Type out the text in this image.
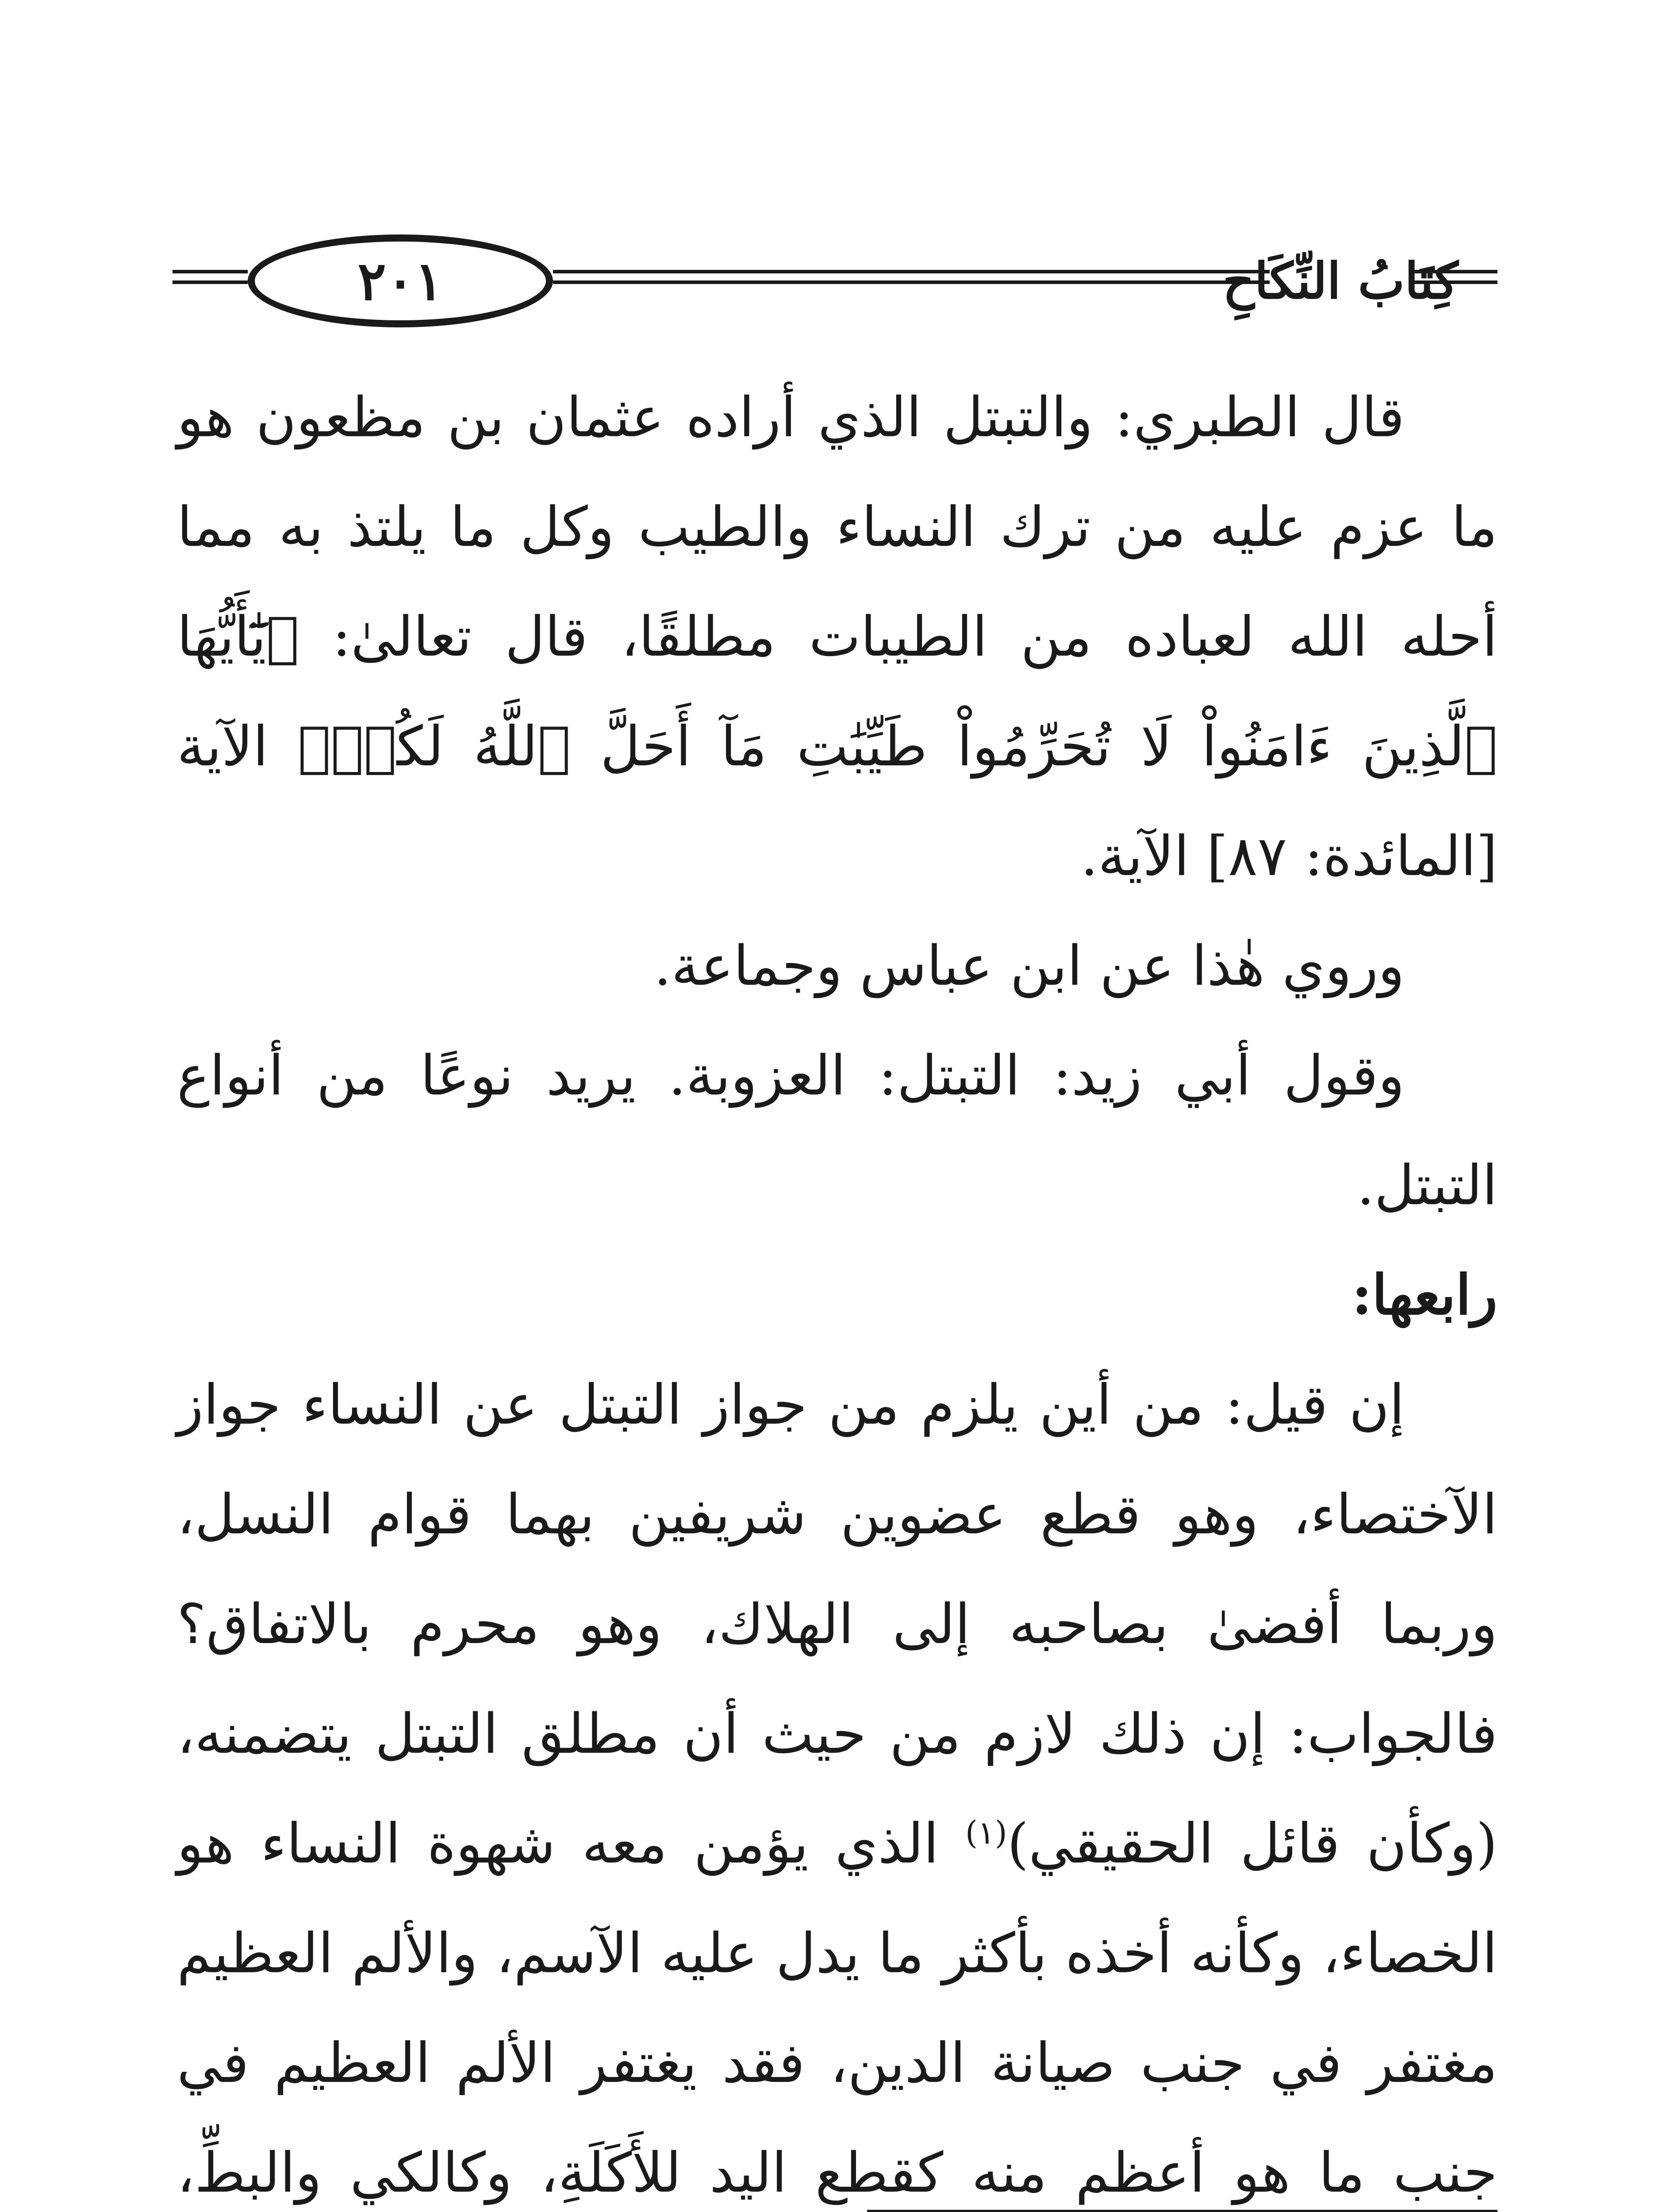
٢٠١	كِتَابُ النِّكَاحِ

قال الطبري: والتبتل الذي أراده عثمان بن مظعون هو ما عزم عليه من ترك النساء والطيب وكل ما يلتذ به مما أحله الله لعباده من الطيبات مطلقًا، قال تعالىٰ: ﴿يَٰٓأَيُّهَا ٱلَّذِينَ ءَامَنُواْ لَا تُحَرِّمُواْ طَيِّبَٰتِ مَآ أَحَلَّ ٱللَّهُ لَكُمۡ﴾ الآية [المائدة: ٨٧] الآية.

وروي هٰذا عن ابن عباس وجماعة.

وقول أبي زيد: التبتل: العزوبة. يريد نوعًا من أنواع التبتل.

رابعها:

إن قيل: من أين يلزم من جواز التبتل عن النساء جواز الآختصاء، وهو قطع عضوين شريفين بهما قوام النسل، وربما أفضىٰ بصاحبه إلى الهلاك، وهو محرم بالاتفاق؟ فالجواب: إن ذلك لازم من حيث أن مطلق التبتل يتضمنه، (وكأن قائل الحقيقي)$^{(١)}$ الذي يؤمن معه شهوة النساء هو الخصاء، وكأنه أخذه بأكثر ما يدل عليه الآسم، والألم العظيم مغتفر في جنب صيانة الدين، فقد يغتفر الألم العظيم في جنب ما هو أعظم منه كقطع اليد للأَكَلَةِ، وكالكي والبطِّ،
